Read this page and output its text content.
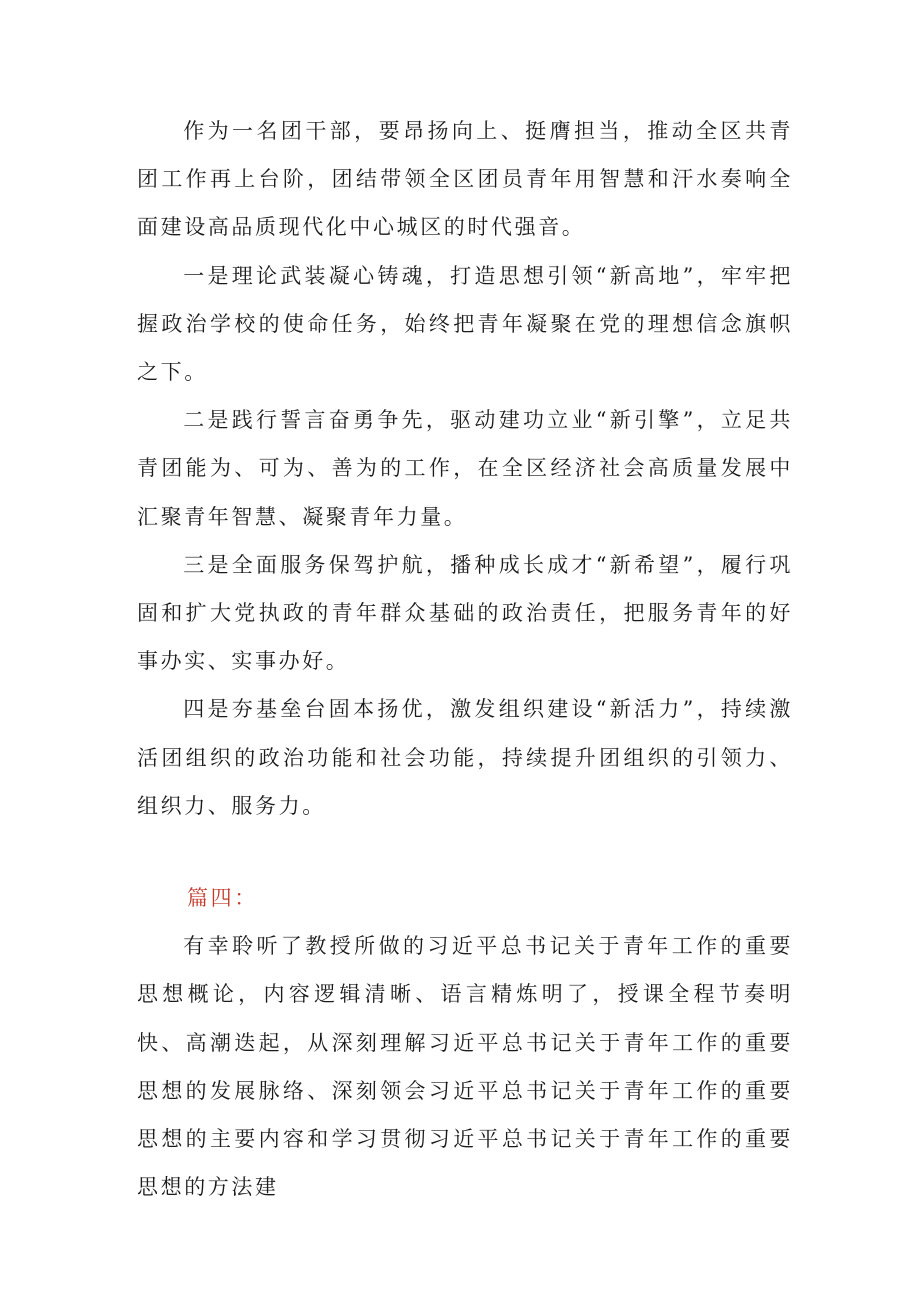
作为一名团干部，要昂扬向上、挺膺担当，推动全区共青团工作再上台阶，团结带领全区团员青年用智慧和汗水奏响全面建设高品质现代化中心城区的时代强音。

一是理论武装凝心铸魂，打造思想引领“新高地”，牢牢把握政治学校的使命任务，始终把青年凝聚在党的理想信念旗帜之下。

二是践行誓言奋勇争先，驱动建功立业“新引擎”，立足共青团能为、可为、善为的工作，在全区经济社会高质量发展中汇聚青年智慧、凝聚青年力量。

三是全面服务保驾护航，播种成长成才“新希望”，履行巩固和扩大党执政的青年群众基础的政治责任，把服务青年的好事办实、实事办好。

四是夯基垒台固本扬优，激发组织建设“新活力”，持续激活团组织的政治功能和社会功能，持续提升团组织的引领力、组织力、服务力。

篇四：

有幸聆听了教授所做的习近平总书记关于青年工作的重要思想概论，内容逻辑清晰、语言精炼明了，授课全程节奏明快、高潮迭起，从深刻理解习近平总书记关于青年工作的重要思想的发展脉络、深刻领会习近平总书记关于青年工作的重要思想的主要内容和学习贯彻习近平总书记关于青年工作的重要思想的方法建
